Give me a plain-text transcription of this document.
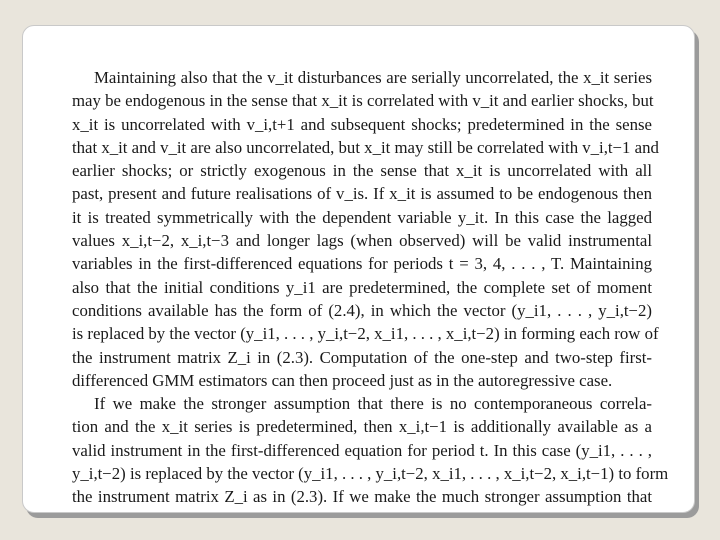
Maintaining also that the v_it disturbances are serially uncorrelated, the x_it series
may be endogenous in the sense that x_it is correlated with v_it and earlier shocks, but
x_it is uncorrelated with v_i,t+1 and subsequent shocks; predetermined in the sense
that x_it and v_it are also uncorrelated, but x_it may still be correlated with v_i,t−1 and
earlier shocks; or strictly exogenous in the sense that x_it is uncorrelated with all
past, present and future realisations of v_is. If x_it is assumed to be endogenous then
it is treated symmetrically with the dependent variable y_it. In this case the lagged
values x_i,t−2, x_i,t−3 and longer lags (when observed) will be valid instrumental
variables in the first-differenced equations for periods t = 3, 4, . . . , T. Maintaining
also that the initial conditions y_i1 are predetermined, the complete set of moment
conditions available has the form of (2.4), in which the vector (y_i1, . . . , y_i,t−2)
is replaced by the vector (y_i1, . . . , y_i,t−2, x_i1, . . . , x_i,t−2) in forming each row of
the instrument matrix Z_i in (2.3). Computation of the one-step and two-step first-
differenced GMM estimators can then proceed just as in the autoregressive case.
If we make the stronger assumption that there is no contemporaneous correla-
tion and the x_it series is predetermined, then x_i,t−1 is additionally available as a
valid instrument in the first-differenced equation for period t. In this case (y_i1, . . . ,
y_i,t−2) is replaced by the vector (y_i1, . . . , y_i,t−2, x_i1, . . . , x_i,t−2, x_i,t−1) to form
the instrument matrix Z_i as in (2.3). If we make the much stronger assumption that
